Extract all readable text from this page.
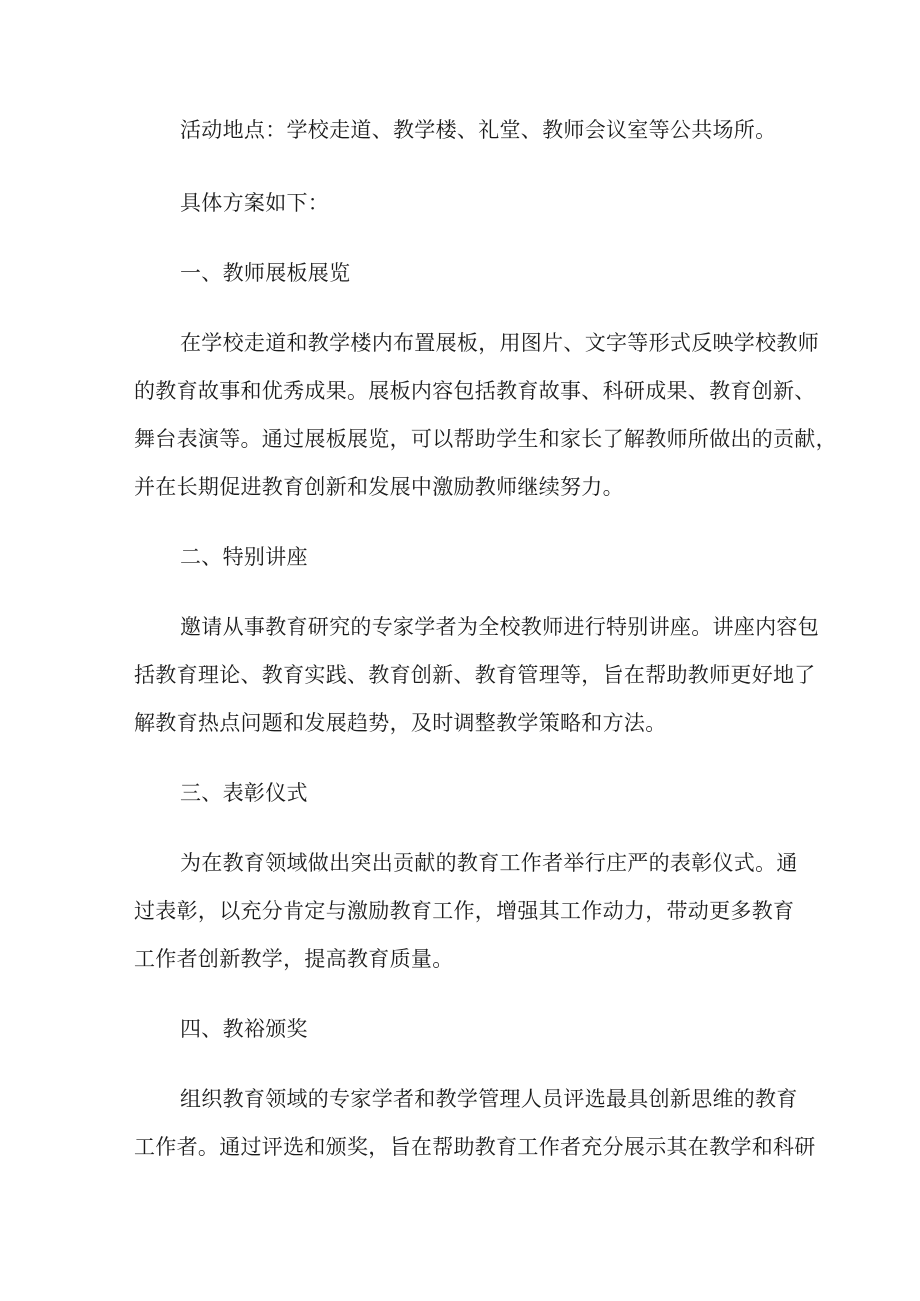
活动地点：学校走道、教学楼、礼堂、教师会议室等公共场所。
具体方案如下：
一、教师展板展览
在学校走道和教学楼内布置展板，用图片、文字等形式反映学校教师
的教育故事和优秀成果。展板内容包括教育故事、科研成果、教育创新、
舞台表演等。通过展板展览，可以帮助学生和家长了解教师所做出的贡献，
并在长期促进教育创新和发展中激励教师继续努力。
二、特别讲座
邀请从事教育研究的专家学者为全校教师进行特别讲座。讲座内容包
括教育理论、教育实践、教育创新、教育管理等，旨在帮助教师更好地了
解教育热点问题和发展趋势，及时调整教学策略和方法。
三、表彰仪式
为在教育领域做出突出贡献的教育工作者举行庄严的表彰仪式。通
过表彰，以充分肯定与激励教育工作，增强其工作动力，带动更多教育
工作者创新教学，提高教育质量。
四、教裕颁奖
组织教育领域的专家学者和教学管理人员评选最具创新思维的教育
工作者。通过评选和颁奖，旨在帮助教育工作者充分展示其在教学和科研
